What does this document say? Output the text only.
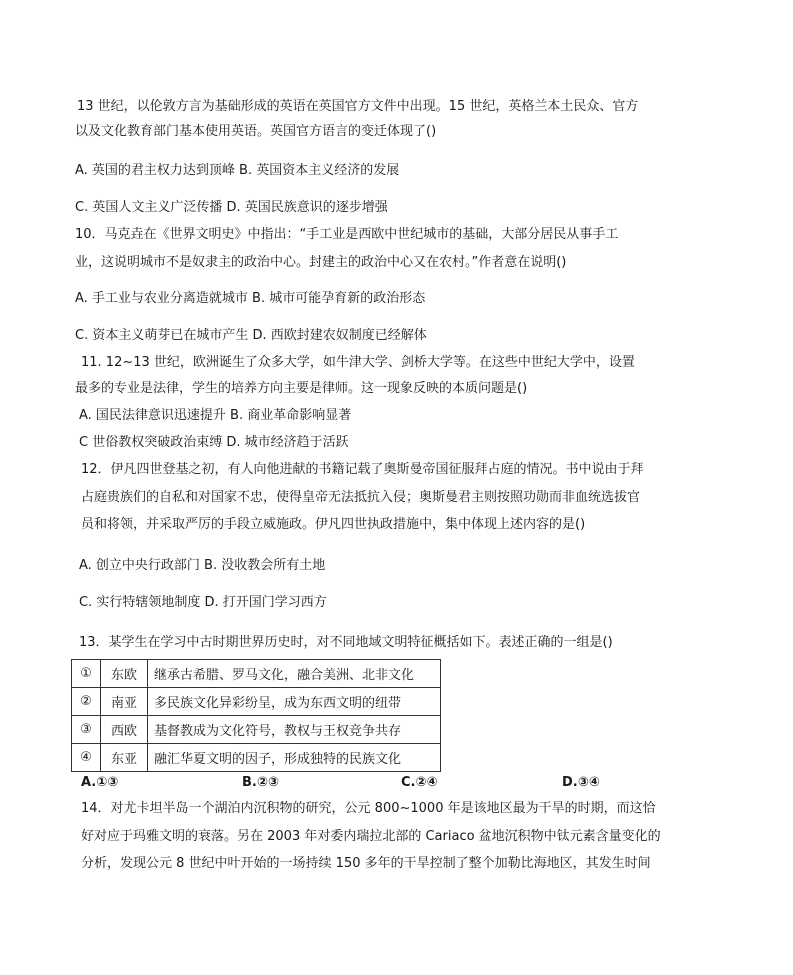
13 世纪，以伦敦方言为基础形成的英语在英国官方文件中出现。15 世纪，英格兰本土民众、官方
以及文化教育部门基本使用英语。英国官方语言的变迁体现了()
A. 英国的君主权力达到顶峰 B. 英国资本主义经济的发展
C. 英国人文主义广泛传播 D. 英国民族意识的逐步增强
10．马克垚在《世界文明史》中指出：“手工业是西欧中世纪城市的基础，大部分居民从事手工
业，这说明城市不是奴隶主的政治中心。封建主的政治中心又在农村。”作者意在说明()
A. 手工业与农业分离造就城市 B. 城市可能孕育新的政治形态
C. 资本主义萌芽已在城市产生 D. 西欧封建农奴制度已经解体
11. 12~13 世纪，欧洲诞生了众多大学，如牛津大学、剑桥大学等。在这些中世纪大学中，设置
最多的专业是法律，学生的培养方向主要是律师。这一现象反映的本质问题是()
A. 国民法律意识迅速提升 B. 商业革命影响显著
C 世俗教权突破政治束缚 D. 城市经济趋于活跃
12．伊凡四世登基之初，有人向他进献的书籍记载了奥斯曼帝国征服拜占庭的情况。书中说由于拜
占庭贵族们的自私和对国家不忠，使得皇帝无法抵抗入侵；奥斯曼君主则按照功勋而非血统选拔官
员和将领，并采取严厉的手段立威施政。伊凡四世执政措施中，集中体现上述内容的是()
A. 创立中央行政部门 B. 没收教会所有土地
C. 实行特辖领地制度 D. 打开国门学习西方
13．某学生在学习中古时期世界历史时，对不同地域文明特征概括如下。表述正确的一组是()
①	东欧	继承古希腊、罗马文化，融合美洲、北非文化
②	南亚	多民族文化异彩纷呈，成为东西文明的纽带
③	西欧	基督教成为文化符号，教权与王权竞争共存
④	东亚	融汇华夏文明的因子，形成独特的民族文化
A.①③	B.②③	C.②④	D.③④
14．对尤卡坦半岛一个湖泊内沉积物的研究，公元 800~1000 年是该地区最为干旱的时期，而这恰
好对应于玛雅文明的衰落。另在 2003 年对委内瑞拉北部的 Cariaco 盆地沉积物中钛元素含量变化的
分析，发现公元 8 世纪中叶开始的一场持续 150 多年的干旱控制了整个加勒比海地区，其发生时间
